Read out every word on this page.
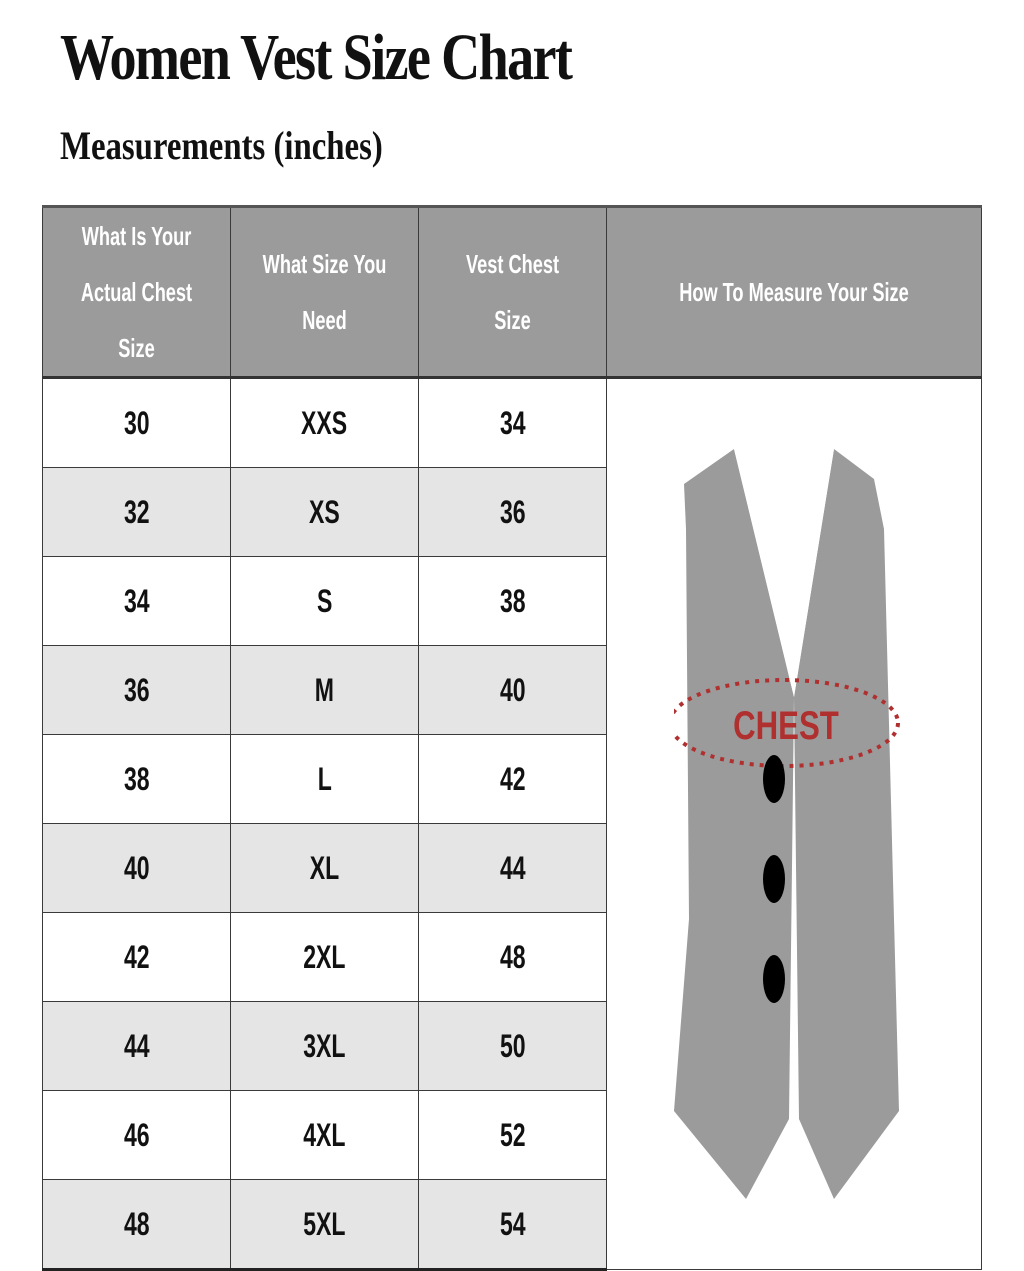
Women Vest Size Chart
Measurements (inches)
What Is Your
Actual Chest Size	What Size You Need	Vest Chest Size	How To Measure Your Size
30	XXS	34	CHEST

32	XS	36	
34	S	38	
36	M	40	
38	L	42	
40	XL	44	
42	2XL	48	
44	3XL	50	
46	4XL	52	
48	5XL	54	
